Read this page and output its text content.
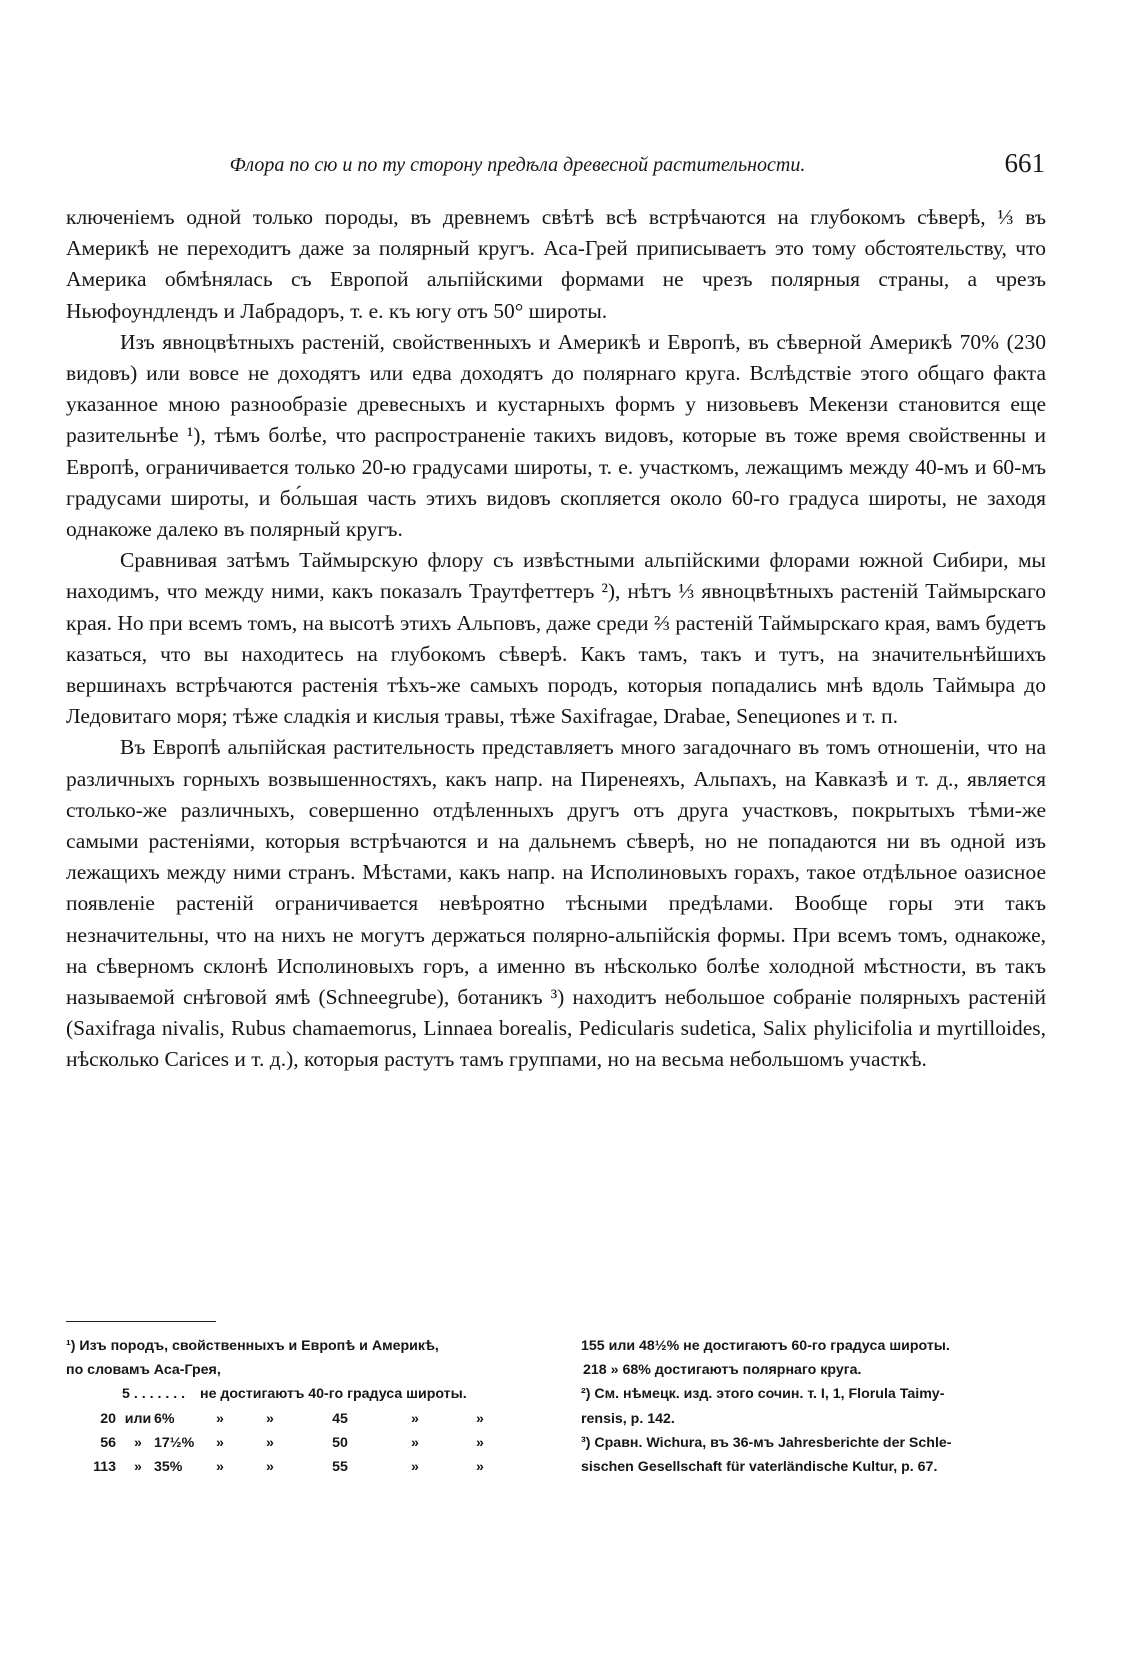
Флора по сю и по ту сторону предѣла древесной растительности.	661

ключеніемъ одной только породы, въ древнемъ свѣтѣ всѣ встрѣчаются на глубокомъ сѣверѣ, ⅓ въ Америкѣ не переходитъ даже за полярный кругъ. Аса-Грей приписываетъ это тому обстоятельству, что Америка обмѣнялась съ Европой альпійскими формами не чрезъ полярныя страны, а чрезъ Ньюфоундлендъ и Лабрадоръ, т. е. къ югу отъ 50° широты.

Изъ явноцвѣтныхъ растеній, свойственныхъ и Америкѣ и Европѣ, въ сѣверной Америкѣ 70% (230 видовъ) или вовсе не доходятъ или едва доходятъ до полярнаго круга. Вслѣдствіе этого общаго факта указанное мною разнообразіе древесныхъ и кустарныхъ формъ у низовьевъ Мекензи становится еще разительнѣе ¹), тѣмъ болѣе, что распространеніе такихъ видовъ, которые въ тоже время свойственны и Европѣ, ограничивается только 20-ю градусами широты, т. е. участкомъ, лежащимъ между 40-мъ и 60-мъ градусами широты, и бо́льшая часть этихъ видовъ скопляется около 60-го градуса широты, не заходя однакоже далеко въ полярный кругъ.

Сравнивая затѣмъ Таймырскую флору съ извѣстными альпійскими флорами южной Сибири, мы находимъ, что между ними, какъ показалъ Траутфеттеръ ²), нѣтъ ⅓ явноцвѣтныхъ растеній Таймырскаго края. Но при всемъ томъ, на высотѣ этихъ Альповъ, даже среди ⅔ растеній Таймырскаго края, вамъ будетъ казаться, что вы находитесь на глубокомъ сѣверѣ. Какъ тамъ, такъ и тутъ, на значительнѣйшихъ вершинахъ встрѣчаются растенія тѣхъ-же самыхъ породъ, которыя попадались мнѣ вдоль Таймыра до Ледовитаго моря; тѣже сладкія и кислыя травы, тѣже Saxifragae, Drabae, Senециones и т. п.

Въ Европѣ альпійская растительность представляетъ много загадочнаго въ томъ отношеніи, что на различныхъ горныхъ возвышенностяхъ, какъ напр. на Пиренеяхъ, Альпахъ, на Кавказѣ и т. д., является столько-же различныхъ, совершенно отдѣленныхъ другъ отъ друга участковъ, покрытыхъ тѣми-же самыми растеніями, которыя встрѣчаются и на дальнемъ сѣверѣ, но не попадаются ни въ одной изъ лежащихъ между ними странъ. Мѣстами, какъ напр. на Исполиновыхъ горахъ, такое отдѣльное оазисное появленіе растеній ограничивается невѣроятно тѣсными предѣлами. Вообще горы эти такъ незначительны, что на нихъ не могутъ держаться полярно-альпійскія формы. При всемъ томъ, однакоже, на сѣверномъ склонѣ Исполиновыхъ горъ, а именно въ нѣсколько болѣе холодной мѣстности, въ такъ называемой снѣговой ямѣ (Schneegrube), ботаникъ ³) находитъ небольшое собраніе полярныхъ растеній (Saxifraga nivalis, Rubus chamaemorus, Linnaea borealis, Pedicularis sudetica, Salix phylicifolia и myrtilloides, нѣсколько Carices и т. д.), которыя растутъ тамъ группами, но на весьма небольшомъ участкѣ.

¹) Изъ породъ, свойственныхъ и Европѣ и Америкѣ,
по словамъ Аса-Грея,
	5 . . . . . . .		не достигаютъ 40-го градуса широты.				
20	или	6%	»	»	45	»	»
56	»	17½%	»	»	50	»	»
113	»	35%	»	»	55	»	»
155 или 48½% не достигаютъ 60-го градуса широты.
218 » 68% достигаютъ полярнаго круга.
²) См. нѣмецк. изд. этого сочин. т. I, 1, Florula Taimy-
rensis, p. 142.
³) Сравн. Wichura, въ 36-мъ Jahresberichte der Schle-
sischen Gesellschaft für vaterländische Kultur, p. 67.
